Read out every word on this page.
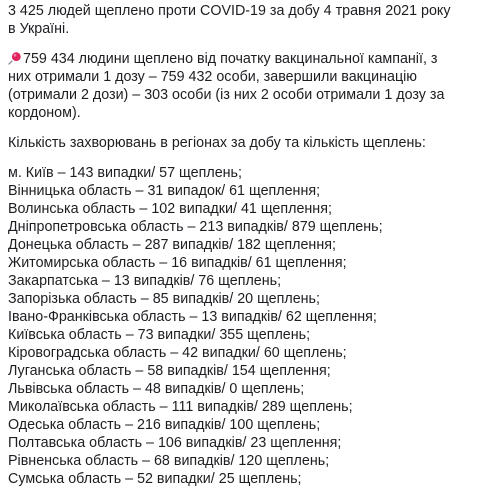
3 425 людей щеплено проти COVID-19 за добу 4 травня 2021 року
в Україні.

759 434 людини щеплено від початку вакцинальної кампанії, з
них отримали 1 дозу – 759 432 особи, завершили вакцинацію
(отримали 2 дози) – 303 особи (із них 2 особи отримали 1 дозу за
кордоном).

Кількість захворювань в регіонах за добу та кількість щеплень:

м. Київ – 143 випадки/ 57 щеплень;
Вінницька область – 31 випадок/ 61 щеплення;
Волинська область – 102 випадки/ 41 щеплення;
Дніпропетровська область – 213 випадків/ 879 щеплень;
Донецька область – 287 випадків/ 182 щеплення;
Житомирська область – 16 випадків/ 61 щеплення;
Закарпатська – 13 випадків/ 76 щеплень;
Запорізька область – 85 випадків/ 20 щеплень;
Івано-Франківська область – 13 випадків/ 62 щеплення;
Київська область – 73 випадки/ 355 щеплень;
Кіровоградська область – 42 випадки/ 60 щеплень;
Луганська область – 58 випадків/ 154 щеплення;
Львівська область – 48 випадків/ 0 щеплень;
Миколаївська область – 111 випадків/ 289 щеплень;
Одеська область – 216 випадків/ 100 щеплень;
Полтавська область – 106 випадків/ 23 щеплення;
Рівненська область – 68 випадків/ 120 щеплень;
Сумська область – 52 випадки/ 25 щеплень;
